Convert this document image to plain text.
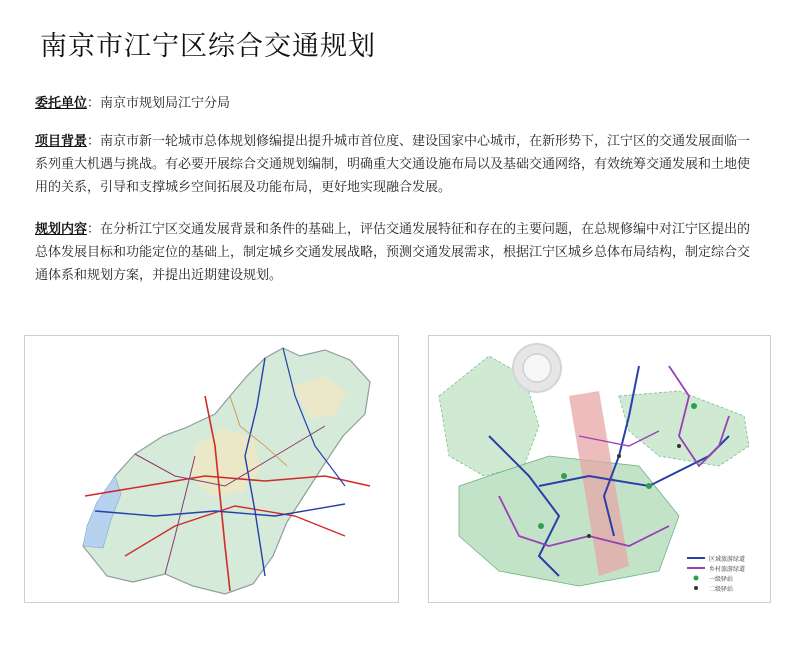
南京市江宁区综合交通规划
委托单位：南京市规划局江宁分局
项目背景：南京市新一轮城市总体规划修编提出提升城市首位度、建设国家中心城市，在新形势下，江宁区的交通发展面临一系列重大机遇与挑战。有必要开展综合交通规划编制，明确重大交通设施布局以及基础交通网络，有效统筹交通发展和土地使用的关系，引导和支撑城乡空间拓展及功能布局，更好地实现融合发展。
规划内容：在分析江宁区交通发展背景和条件的基础上，评估交通发展特征和存在的主要问题，在总规修编中对江宁区提出的总体发展目标和功能定位的基础上，制定城乡交通发展战略，预测交通发展需求，根据江宁区城乡总体布局结构，制定综合交通体系和规划方案，并提出近期建设规划。
区域旅游绿道
乡村旅游绿道
一级驿站
二级驿站
